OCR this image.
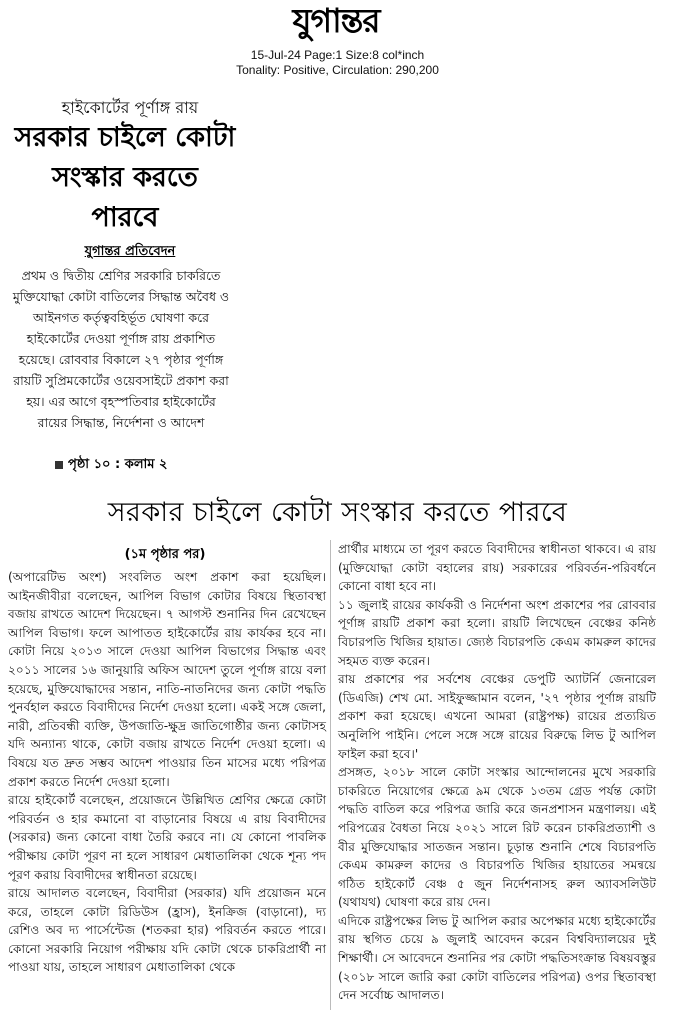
যুগান্তর
15-Jul-24 Page:1 Size:8 col*inch
Tonality: Positive, Circulation: 290,200
হাইকোর্টের পূর্ণাঙ্গ রায়
সরকার চাইলে কোটা সংস্কার করতে পারবে
যুগান্তর প্রতিবেদন
প্রথম ও দ্বিতীয় শ্রেণির সরকারি চাকরিতে মুক্তিযোদ্ধা কোটা বাতিলের সিদ্ধান্ত অবৈধ ও আইনগত কর্তৃত্ববহির্ভূত ঘোষণা করে হাইকোর্টের দেওয়া পূর্ণাঙ্গ রায় প্রকাশিত হয়েছে। রোববার বিকালে ২৭ পৃষ্ঠার পূর্ণাঙ্গ রায়টি সুপ্রিমকোর্টের ওয়েবসাইটে প্রকাশ করা হয়। এর আগে বৃহস্পতিবার হাইকোর্টের রায়ের সিদ্ধান্ত, নির্দেশনা ও আদেশ
পৃষ্ঠা ১০ : কলাম ২
সরকার চাইলে কোটা সংস্কার করতে পারবে
(১ম পৃষ্ঠার পর)

(অপারেটিভ অংশ) সংবলিত অংশ প্রকাশ করা হয়েছিল। আইনজীবীরা বলেছেন, আপিল বিভাগ কোটার বিষয়ে স্থিতাবস্থা বজায় রাখতে আদেশ দিয়েছেন। ৭ আগস্ট শুনানির দিন রেখেছেন আপিল বিভাগ। ফলে আপাতত হাইকোর্টের রায় কার্যকর হবে না। কোটা নিয়ে ২০১৩ সালে দেওয়া আপিল বিভাগের সিদ্ধান্ত এবং ২০১১ সালের ১৬ জানুয়ারি অফিস আদেশ তুলে পূর্ণাঙ্গ রায়ে বলা হয়েছে, মুক্তিযোদ্ধাদের সন্তান, নাতি-নাতনিদের জন্য কোটা পদ্ধতি পুনর্বহাল করতে বিবাদীদের নির্দেশ দেওয়া হলো। একই সঙ্গে জেলা, নারী, প্রতিবন্ধী ব্যক্তি, উপজাতি-ক্ষুদ্র জাতিগোষ্ঠীর জন্য কোটাসহ যদি অন্যান্য থাকে, কোটা বজায় রাখতে নির্দেশ দেওয়া হলো। এ বিষয়ে যত দ্রুত সম্ভব আদেশ পাওয়ার তিন মাসের মধ্যে পরিপত্র প্রকাশ করতে নির্দেশ দেওয়া হলো।

রায়ে হাইকোর্ট বলেছেন, প্রয়োজনে উল্লিখিত শ্রেণির ক্ষেত্রে কোটা পরিবর্তন ও হার কমানো বা বাড়ানোর বিষয়ে এ রায় বিবাদীদের (সরকার) জন্য কোনো বাধা তৈরি করবে না। যে কোনো পাবলিক পরীক্ষায় কোটা পূরণ না হলে সাধারণ মেধাতালিকা থেকে শূন্য পদ পূরণ করায় বিবাদীদের স্বাধীনতা রয়েছে।

রায়ে আদালত বলেছেন, বিবাদীরা (সরকার) যদি প্রয়োজন মনে করে, তাহলে কোটা রিডিউস (হ্রাস), ইনক্রিজ (বাড়ানো), দ্য রেশিও অব দ্য পার্সেন্টেজ (শতকরা হার) পরিবর্তন করতে পারে। কোনো সরকারি নিয়োগ পরীক্ষায় যদি কোটা থেকে চাকরিপ্রার্থী না পাওয়া যায়, তাহলে সাধারণ মেধাতালিকা থেকে

প্রার্থীর মাধ্যমে তা পূরণ করতে বিবাদীদের স্বাধীনতা থাকবে। এ রায় (মুক্তিযোদ্ধা কোটা বহালের রায়) সরকারের পরিবর্তন-পরিবর্ধনে কোনো বাধা হবে না।

১১ জুলাই রায়ের কার্যকরী ও নির্দেশনা অংশ প্রকাশের পর রোববার পূর্ণাঙ্গ রায়টি প্রকাশ করা হলো। রায়টি লিখেছেন বেঞ্চের কনিষ্ঠ বিচারপতি খিজির হায়াত। জ্যেষ্ঠ বিচারপতি কেএম কামরুল কাদের সহমত ব্যক্ত করেন।

রায় প্রকাশের পর সর্বশেষ বেঞ্চের ডেপুটি অ্যাটর্নি জেনারেল (ডিএজি) শেখ মো. সাইফুজ্জামান বলেন, '২৭ পৃষ্ঠার পূর্ণাঙ্গ রায়টি প্রকাশ করা হয়েছে। এখনো আমরা (রাষ্ট্রপক্ষ) রায়ের প্রত্যয়িত অনুলিপি পাইনি। পেলে সঙ্গে সঙ্গে রায়ের বিরুদ্ধে লিভ টু আপিল ফাইল করা হবে।'

প্রসঙ্গত, ২০১৮ সালে কোটা সংস্কার আন্দোলনের মুখে সরকারি চাকরিতে নিয়োগের ক্ষেত্রে ৯ম থেকে ১৩তম গ্রেড পর্যন্ত কোটা পদ্ধতি বাতিল করে পরিপত্র জারি করে জনপ্রশাসন মন্ত্রণালয়। এই পরিপত্রের বৈধতা নিয়ে ২০২১ সালে রিট করেন চাকরিপ্রত্যাশী ও বীর মুক্তিযোদ্ধার সাতজন সন্তান। চূড়ান্ত শুনানি শেষে বিচারপতি কেএম কামরুল কাদের ও বিচারপতি খিজির হায়াতের সমন্বয়ে গঠিত হাইকোর্ট বেঞ্চ ৫ জুন নির্দেশনাসহ রুল অ্যাবসলিউট (যথাযথ) ঘোষণা করে রায় দেন।

এদিকে রাষ্ট্রপক্ষের লিভ টু আপিল করার অপেক্ষার মধ্যে হাইকোর্টের রায় স্থগিত চেয়ে ৯ জুলাই আবেদন করেন বিশ্ববিদ্যালয়ের দুই শিক্ষার্থী। সে আবেদনে শুনানির পর কোটা পদ্ধতিসংক্রান্ত বিষয়বস্তুর (২০১৮ সালে জারি করা কোটা বাতিলের পরিপত্র) ওপর স্থিতাবস্থা দেন সর্বোচ্চ আদালত।
